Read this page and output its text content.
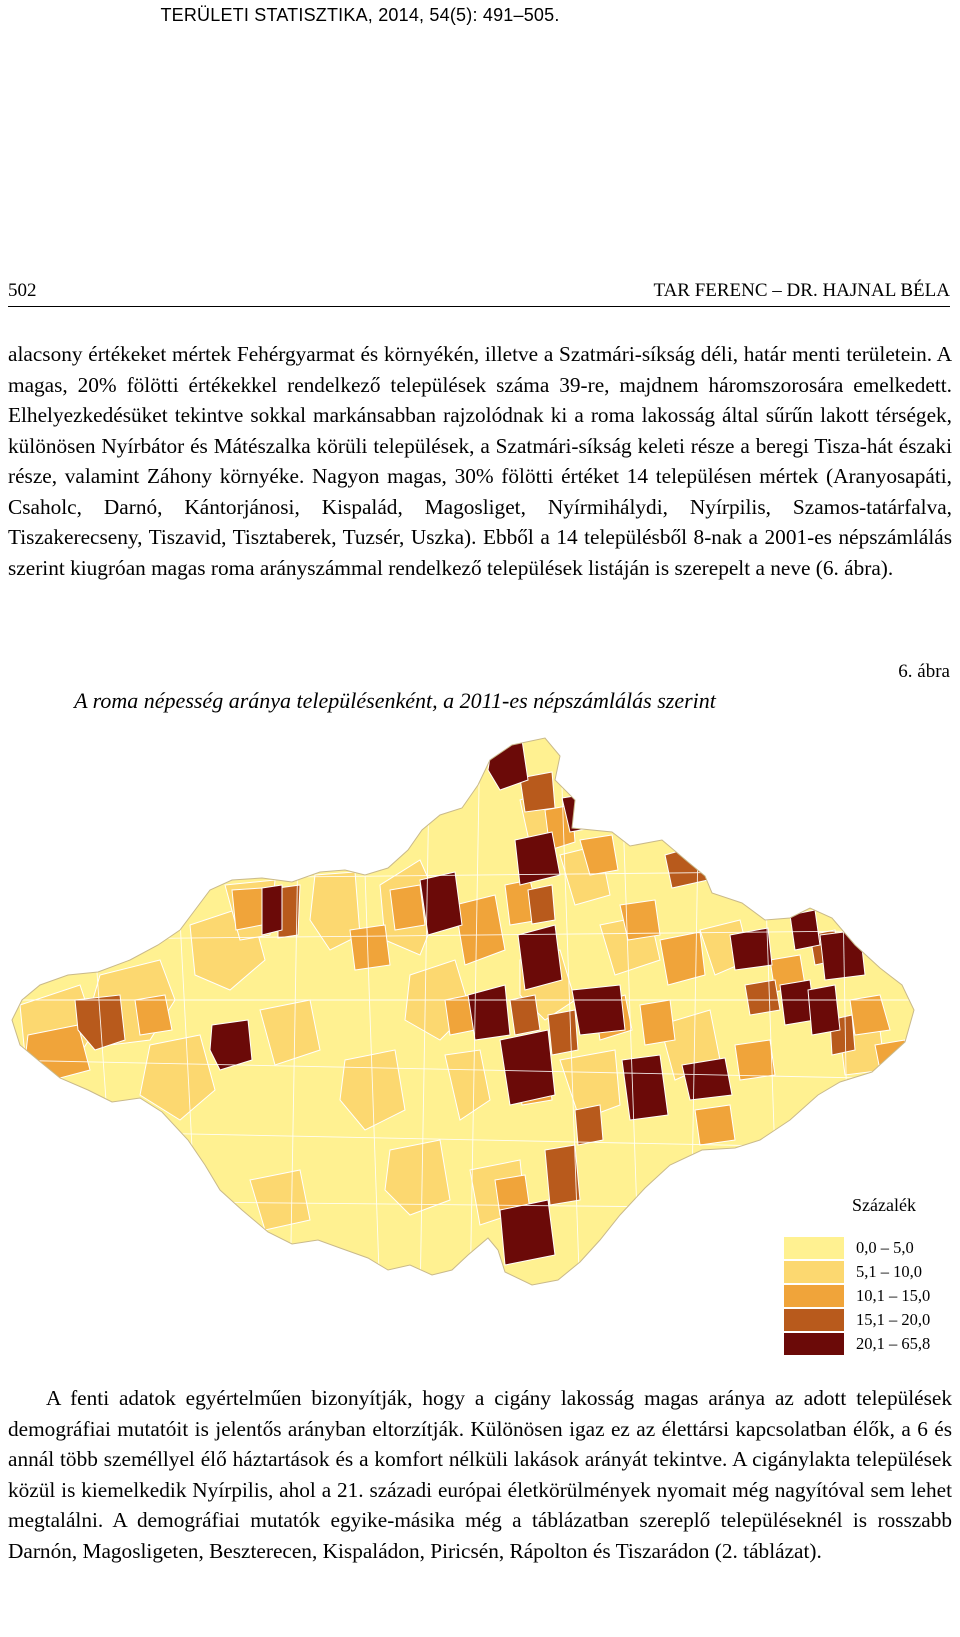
TERÜLETI STATISZTIKA, 2014, 54(5): 491–505.
502	TAR FERENC – DR. HAJNAL BÉLA

alacsony értékeket mértek Fehérgyarmat és környékén, illetve a Szatmári-síkság déli, határ menti területein. A magas, 20% fölötti értékekkel rendelkező települések száma 39-re, majdnem háromszorosára emelkedett. Elhelyezkedésüket tekintve sokkal markánsabban rajzolódnak ki a roma lakosság által sűrűn lakott térségek, különösen Nyírbátor és Mátészalka körüli települések, a Szatmári-síkság keleti része a beregi Tisza-hát északi része, valamint Záhony környéke. Nagyon magas, 30% fölötti értéket 14 településen mértek (Aranyosapáti, Csaholc, Darnó, Kántorjánosi, Kispalád, Magosliget, Nyírmihálydi, Nyírpilis, Szamos-tatárfalva, Tiszakerecseny, Tiszavid, Tisztaberek, Tuzsér, Uszka). Ebből a 14 településből 8-nak a 2001-es népszámlálás szerint kiugróan magas roma arányszámmal rendelkező települések listáján is szerepelt a neve (6. ábra).

6. ábra
A roma népesség aránya településenként, a 2011-es népszámlálás szerint
Százalék
0,0 – 5,0
5,1 – 10,0
10,1 – 15,0
15,1 – 20,0
20,1 – 65,8

A fenti adatok egyértelműen bizonyítják, hogy a cigány lakosság magas aránya az adott települések demográfiai mutatóit is jelentős arányban eltorzítják. Különösen igaz ez az élettársi kapcsolatban élők, a 6 és annál több személlyel élő háztartások és a komfort nélküli lakások arányát tekintve. A cigánylakta települések közül is kiemelkedik Nyírpilis, ahol a 21. századi európai életkörülmények nyomait még nagyítóval sem lehet megtalálni. A demográfiai mutatók egyike-másika még a táblázatban szereplő településeknél is rosszabb Darnón, Magosligeten, Beszterecen, Kispaládon, Piricsén, Rápolton és Tiszarádon (2. táblázat).
